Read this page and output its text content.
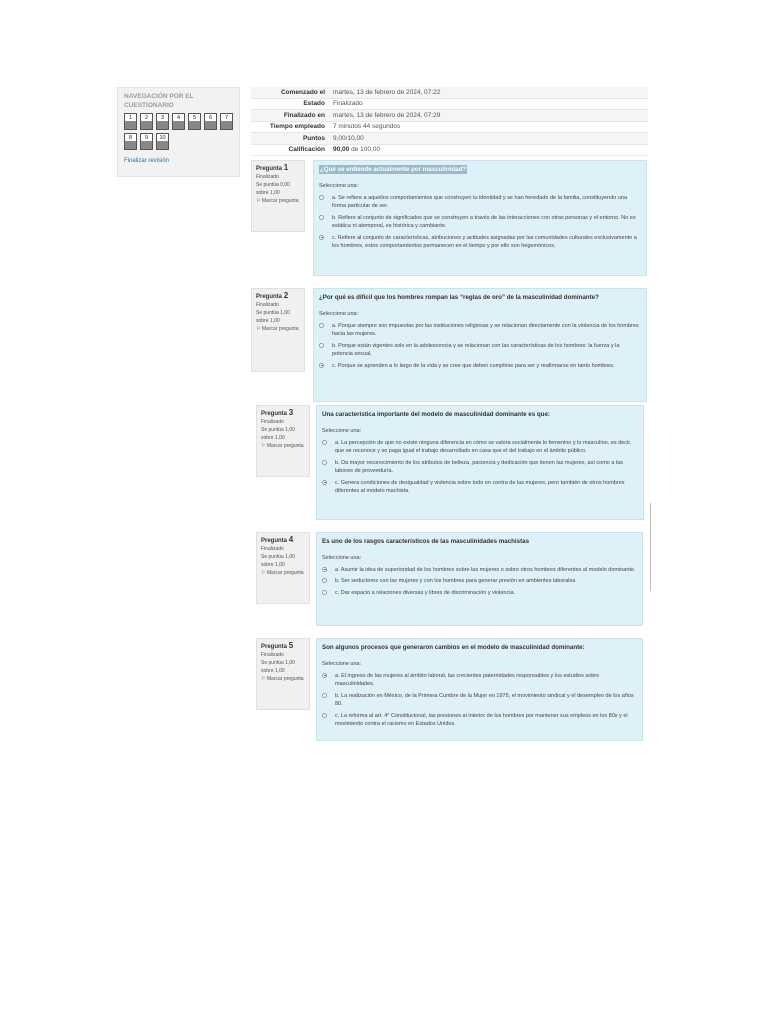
NAVEGACIÓN POR EL CUESTIONARIO
1	2	3	4	5	6	7
8	9	10
Finalizar revisión
Comenzado el	martes, 13 de febrero de 2024, 07:22
Estado	Finalizado
Finalizado en	martes, 13 de febrero de 2024, 07:29
Tiempo empleado	7 minutos 44 segundos
Puntos	9,00/10,00
Calificación	90,00 de 100,00
Pregunta 1
Finalizado
Se puntúa 0,00 sobre 1,00
⚐ Marcar pregunta
¿Qué se entiende actualmente por masculinidad?
Seleccione una:
a. Se refiere a aquellos comportamientos que construyen tu identidad y se han heredado de la familia, constituyendo una forma particular de ser.
b. Refiere al conjunto de significados que se construyen a través de las interacciones con otras personas y el entorno. No es estática ni atemporal, es histórica y cambiante.
c. Refiere al conjunto de características, atribuciones y actitudes asignadas por las comunidades culturales exclusivamente a los hombres, estos comportamientos permanecen en el tiempo y por ello son hegemónicos.
Pregunta 2
Finalizado
Se puntúa 1,00 sobre 1,00
⚐ Marcar pregunta
¿Por qué es difícil que los hombres rompan las “reglas de oro” de la masculinidad dominante?
Seleccione una:
a. Porque siempre son impuestas por las instituciones religiosas y se relacionan directamente con la violencia de los hombres hacia las mujeres.
b. Porque están vigentes solo en la adolescencia y se relacionan con las características de los hombres: la fuerza y la potencia sexual.
c. Porque se aprenden a lo largo de la vida y se cree que deben cumplirse para ser y reafirmarse en tanto hombres.
Pregunta 3
Finalizado
Se puntúa 1,00 sobre 1,00
⚐ Marcar pregunta
Una característica importante del modelo de masculinidad dominante es que:
Seleccione una:
a. La percepción de que no existe ninguna diferencia en cómo se valora socialmente lo femenino y lo masculino, es decir, que se reconoce y se paga igual el trabajo desarrollado en casa que el del trabajo en el ámbito público.
b. Da mayor reconocimiento de los atributos de belleza, paciencia y dedicación que tienen las mujeres, así como a las labores de proveeduría.
c. Genera condiciones de desigualdad y violencia sobre todo en contra de las mujeres, pero también de otros hombres diferentes al modelo machista.
Pregunta 4
Finalizado
Se puntúa 1,00 sobre 1,00
⚐ Marcar pregunta
Es uno de los rasgos característicos de las masculinidades machistas
Seleccione una:
a. Asumir la idea de superioridad de los hombres sobre las mujeres o sobre otros hombres diferentes al modelo dominante.
b. Ser seductores con las mujeres y con los hombres para generar presión en ambientes laborales.
c. Dar espacio a relaciones diversas y libres de discriminación y violencia.
Pregunta 5
Finalizado
Se puntúa 1,00 sobre 1,00
⚐ Marcar pregunta
Son algunos procesos que generaron cambios en el modelo de masculinidad dominante:
Seleccione una:
a. El ingreso de las mujeres al ámbito laboral, las crecientes paternidades responsables y los estudios sobre masculinidades.
b. La realización en México, de la Primera Cumbre de la Mujer en 1975, el movimiento sindical y el desempleo de los años 80.
c. La reforma al art. 4° Constitucional, las presiones al interior de los hombres por mantener sus empleos en los 80s y el movimiento contra el racismo en Estados Unidos.
